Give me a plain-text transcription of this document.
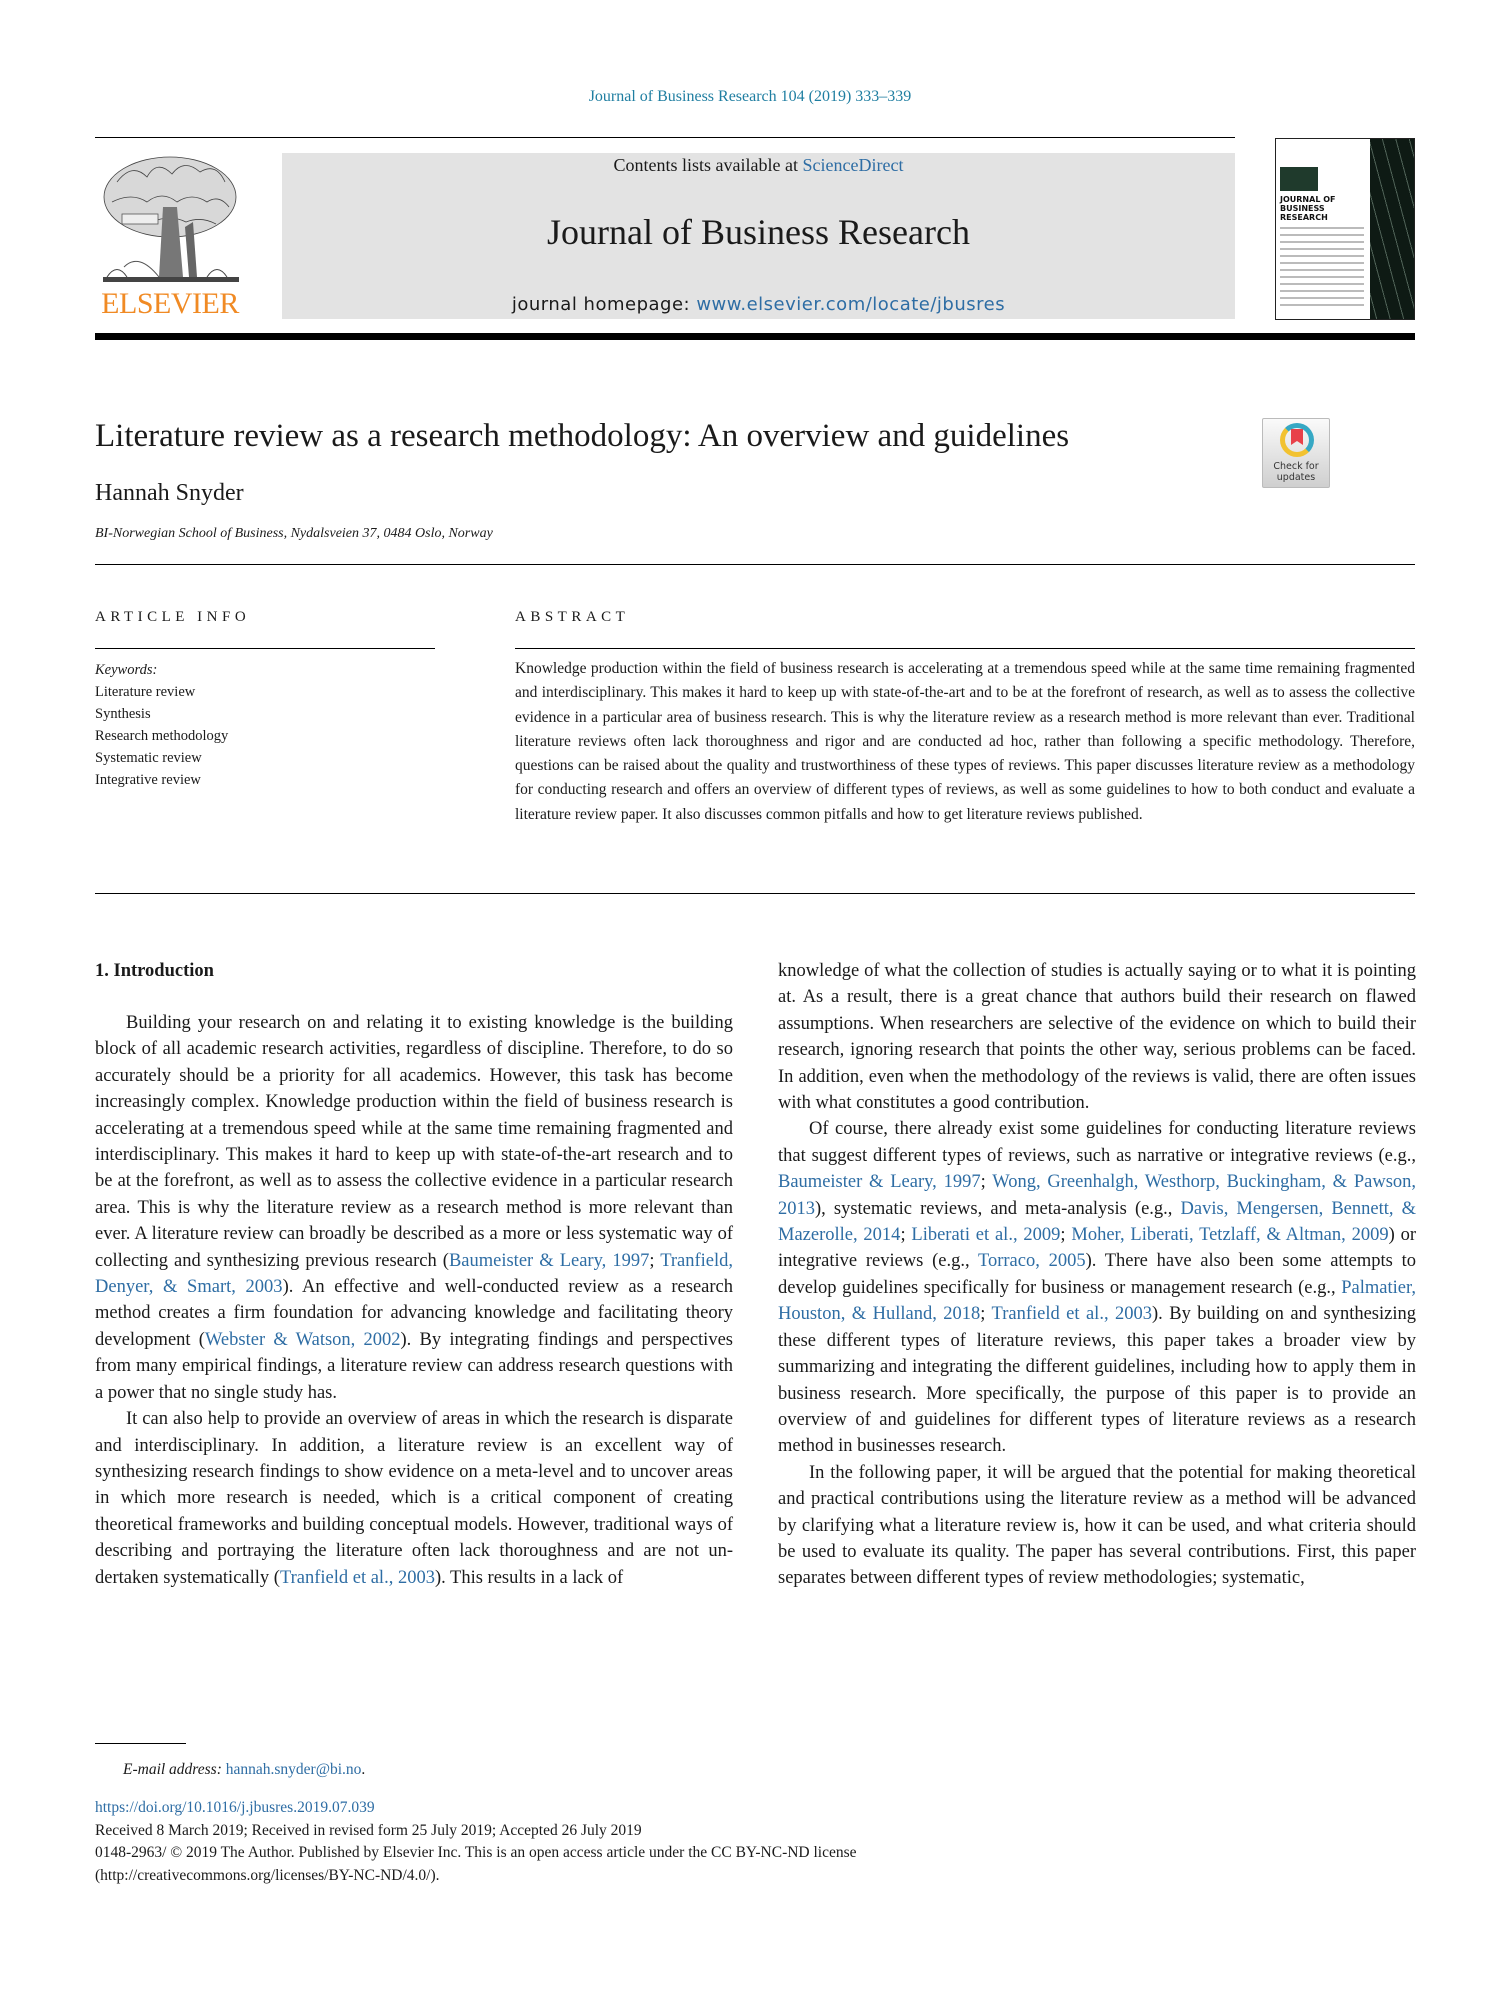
Journal of Business Research 104 (2019) 333–339
ELSEVIER
Contents lists available at ScienceDirect
Journal of Business Research
journal homepage: www.elsevier.com/locate/jbusres
JOURNAL OF
BUSINESS
RESEARCH
Literature review as a research methodology: An overview and guidelines
Check for
updates
Hannah Snyder
BI-Norwegian School of Business, Nydalsveien 37, 0484 Oslo, Norway
ARTICLE INFO	ABSTRACT
Keywords:
Literature review
Synthesis
Research methodology
Systematic review
Integrative review
Knowledge production within the field of business research is accelerating at a tremendous speed while at the same time remaining fragmented and interdisciplinary. This makes it hard to keep up with state-of-the-art and to be at the forefront of research, as well as to assess the collective evidence in a particular area of business research. This is why the literature review as a research method is more relevant than ever. Traditional literature reviews often lack thoroughness and rigor and are conducted ad hoc, rather than following a specific methodology. Therefore, questions can be raised about the quality and trustworthiness of these types of reviews. This paper discusses literature review as a methodology for conducting research and offers an overview of different types of reviews, as well as some guidelines to how to both conduct and evaluate a literature review paper. It also discusses common pitfalls and how to get literature reviews published.
1. Introduction

Building your research on and relating it to existing knowledge is the building block of all academic research activities, regardless of discipline. Therefore, to do so accurately should be a priority for all academics. However, this task has become increasingly complex. Knowledge production within the field of business research is accelerating at a tremendous speed while at the same time remaining fragmented and interdisciplinary. This makes it hard to keep up with state-of-the-art research and to be at the forefront, as well as to assess the collective evidence in a particular research area. This is why the literature review as a research method is more relevant than ever. A literature review can broadly be described as a more or less systematic way of collecting and synthesizing previous research (Baumeister & Leary, 1997; Tranfield, Denyer, & Smart, 2003). An effective and well-conducted review as a research method creates a firm foundation for advancing knowledge and facilitating theory development (Webster & Watson, 2002). By integrating findings and perspectives from many empirical findings, a literature review can address research questions with a power that no single study has.

It can also help to provide an overview of areas in which the research is disparate and interdisciplinary. In addition, a literature review is an excellent way of synthesizing research findings to show evidence on a meta-level and to uncover areas in which more research is needed, which is a critical component of creating theoretical frameworks and building conceptual models. However, traditional ways of describing and portraying the literature often lack thoroughness and are not undertaken systematically (Tranfield et al., 2003). This results in a lack of

knowledge of what the collection of studies is actually saying or to what it is pointing at. As a result, there is a great chance that authors build their research on flawed assumptions. When researchers are selective of the evidence on which to build their research, ignoring research that points the other way, serious problems can be faced. In addition, even when the methodology of the reviews is valid, there are often issues with what constitutes a good contribution.

Of course, there already exist some guidelines for conducting literature reviews that suggest different types of reviews, such as narrative or integrative reviews (e.g., Baumeister & Leary, 1997; Wong, Greenhalgh, Westhorp, Buckingham, & Pawson, 2013), systematic reviews, and meta-analysis (e.g., Davis, Mengersen, Bennett, & Mazerolle, 2014; Liberati et al., 2009; Moher, Liberati, Tetzlaff, & Altman, 2009) or integrative reviews (e.g., Torraco, 2005). There have also been some attempts to develop guidelines specifically for business or management research (e.g., Palmatier, Houston, & Hulland, 2018; Tranfield et al., 2003). By building on and synthesizing these different types of literature reviews, this paper takes a broader view by summarizing and integrating the different guidelines, including how to apply them in business research. More specifically, the purpose of this paper is to provide an overview of and guidelines for different types of literature reviews as a research method in businesses research.

In the following paper, it will be argued that the potential for making theoretical and practical contributions using the literature review as a method will be advanced by clarifying what a literature review is, how it can be used, and what criteria should be used to evaluate its quality. The paper has several contributions. First, this paper separates between different types of review methodologies; systematic,

E-mail address: hannah.snyder@bi.no.
https://doi.org/10.1016/j.jbusres.2019.07.039
Received 8 March 2019; Received in revised form 25 July 2019; Accepted 26 July 2019
0148-2963/ © 2019 The Author. Published by Elsevier Inc. This is an open access article under the CC BY-NC-ND license
(http://creativecommons.org/licenses/BY-NC-ND/4.0/).
